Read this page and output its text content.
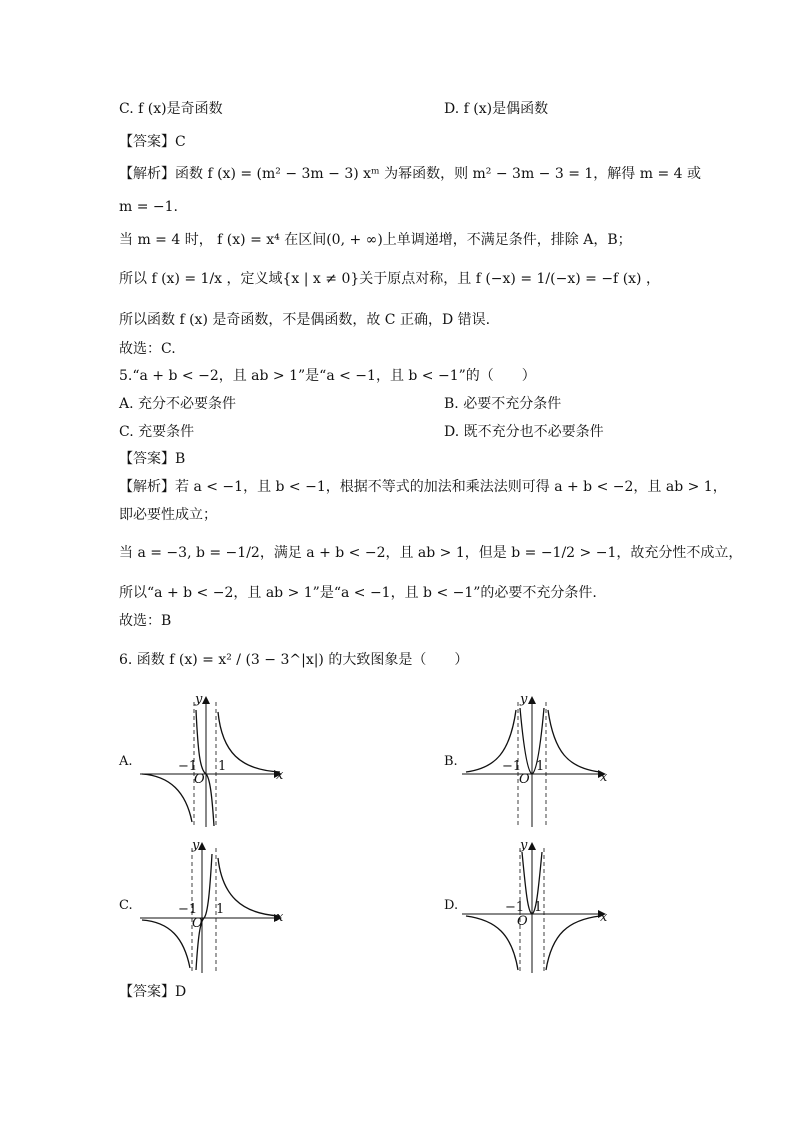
C. f (x)是奇函数	D. f (x)是偶函数
【答案】C
【解析】函数 f (x) = (m² − 3m − 3) xᵐ 为幂函数，则 m² − 3m − 3 = 1，解得 m = 4 或
m = −1.
当 m = 4 时， f (x) = x⁴ 在区间(0, + ∞)上单调递增，不满足条件，排除 A，B；
所以 f (x) = 1/x ，定义域{x | x ≠ 0}关于原点对称，且 f (−x) = 1/(−x) = −f (x) ，
所以函数 f (x) 是奇函数，不是偶函数，故 C 正确，D 错误.
故选：C.
5.“a + b < −2，且 ab > 1”是“a < −1，且 b < −1”的（　　）
A. 充分不必要条件	B. 必要不充分条件
C. 充要条件	D. 既不充分也不必要条件
【答案】B
【解析】若 a < −1，且 b < −1，根据不等式的加法和乘法法则可得 a + b < −2，且 ab > 1，
即必要性成立；
当 a = −3, b = −1/2，满足 a + b < −2，且 ab > 1，但是 b = −1/2 > −1，故充分性不成立，
所以“a + b < −2，且 ab > 1”是“a < −1，且 b < −1”的必要不充分条件.
故选：B
6. 函数 f (x) = x² / (3 − 3^|x|) 的大致图象是（　　）
A.	−1 1
O	x
y
B.	−1 1
O	x
y
C.	−1 1
O	x
y
D.	−1 1
O	x
y
【答案】D
